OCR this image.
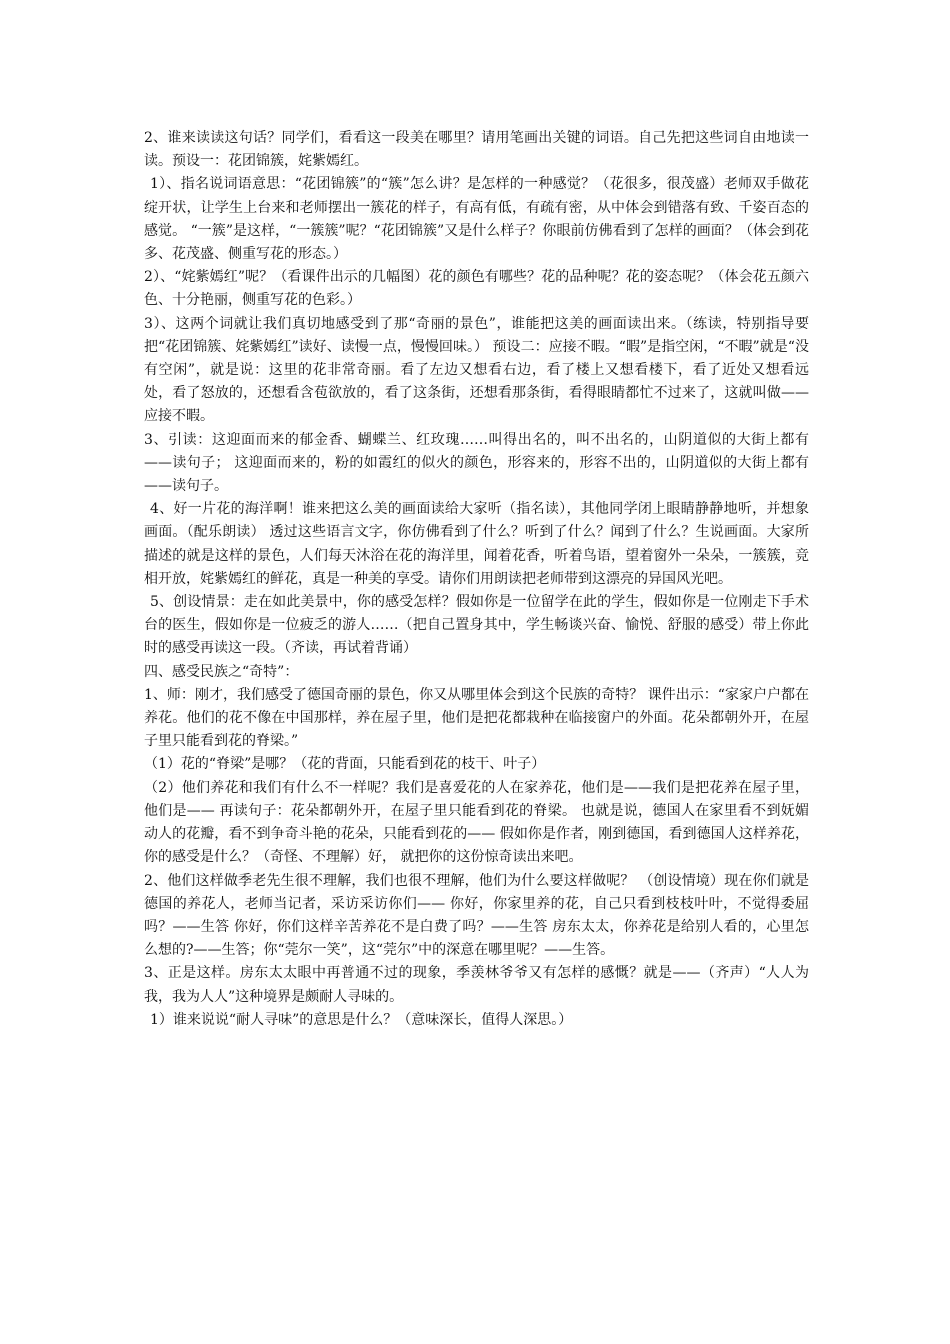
2、谁来读读这句话？同学们，看看这一段美在哪里？请用笔画出关键的词语。自己先把这些词自由地读一读。预设一：花团锦簇，姹紫嫣红。

1）、指名说词语意思：“花团锦簇”的“簇”怎么讲？是怎样的一种感觉？（花很多，很茂盛）老师双手做花绽开状，让学生上台来和老师摆出一簇花的样子，有高有低，有疏有密，从中体会到错落有致、千姿百态的感觉。 “一簇”是这样，“一簇簇”呢？“花团锦簇”又是什么样子？你眼前仿佛看到了怎样的画面？（体会到花多、花茂盛、侧重写花的形态。）

2）、“姹紫嫣红”呢？（看课件出示的几幅图）花的颜色有哪些？花的品种呢？花的姿态呢？（体会花五颜六色、十分艳丽，侧重写花的色彩。）

3）、这两个词就让我们真切地感受到了那“奇丽的景色”，谁能把这美的画面读出来。（练读，特别指导要把“花团锦簇、姹紫嫣红”读好、读慢一点，慢慢回味。） 预设二：应接不暇。“暇”是指空闲，“不暇”就是“没有空闲”，就是说：这里的花非常奇丽。看了左边又想看右边，看了楼上又想看楼下，看了近处又想看远处，看了怒放的，还想看含苞欲放的，看了这条街，还想看那条街，看得眼睛都忙不过来了，这就叫做——应接不暇。

3、引读：这迎面而来的郁金香、蝴蝶兰、红玫瑰……叫得出名的，叫不出名的，山阴道似的大街上都有——读句子； 这迎面而来的，粉的如霞红的似火的颜色，形容来的，形容不出的，山阴道似的大街上都有——读句子。

4、好一片花的海洋啊！谁来把这么美的画面读给大家听（指名读），其他同学闭上眼睛静静地听，并想象画面。（配乐朗读） 透过这些语言文字，你仿佛看到了什么？听到了什么？闻到了什么？生说画面。大家所描述的就是这样的景色，人们每天沐浴在花的海洋里，闻着花香，听着鸟语，望着窗外一朵朵，一簇簇，竞相开放，姹紫嫣红的鲜花，真是一种美的享受。请你们用朗读把老师带到这漂亮的异国风光吧。

5、创设情景：走在如此美景中，你的感受怎样？假如你是一位留学在此的学生，假如你是一位刚走下手术台的医生，假如你是一位疲乏的游人……（把自己置身其中，学生畅谈兴奋、愉悦、舒服的感受）带上你此时的感受再读这一段。（齐读，再试着背诵）

四、感受民族之“奇特”：

1、师：刚才，我们感受了德国奇丽的景色，你又从哪里体会到这个民族的奇特？ 课件出示：“家家户户都在养花。他们的花不像在中国那样，养在屋子里，他们是把花都栽种在临接窗户的外面。花朵都朝外开，在屋子里只能看到花的脊梁。”

（1）花的“脊梁”是哪？（花的背面，只能看到花的枝干、叶子）

（2）他们养花和我们有什么不一样呢？我们是喜爱花的人在家养花，他们是——我们是把花养在屋子里，他们是—— 再读句子：花朵都朝外开，在屋子里只能看到花的脊梁。 也就是说，德国人在家里看不到妩媚动人的花瓣，看不到争奇斗艳的花朵，只能看到花的—— 假如你是作者，刚到德国，看到德国人这样养花，你的感受是什么？（奇怪、不理解）好， 就把你的这份惊奇读出来吧。

2、他们这样做季老先生很不理解，我们也很不理解，他们为什么要这样做呢？ （创设情境）现在你们就是德国的养花人，老师当记者，采访采访你们—— 你好，你家里养的花，自己只看到枝枝叶叶，不觉得委屈吗？——生答 你好，你们这样辛苦养花不是白费了吗？——生答 房东太太，你养花是给别人看的，心里怎么想的?——生答；你“莞尔一笑”，这“莞尔”中的深意在哪里呢？——生答。

3、正是这样。房东太太眼中再普通不过的现象，季羡林爷爷又有怎样的感慨？就是——（齐声）“人人为我，我为人人”这种境界是颇耐人寻味的。

1）谁来说说“耐人寻味”的意思是什么？（意味深长，值得人深思。）
